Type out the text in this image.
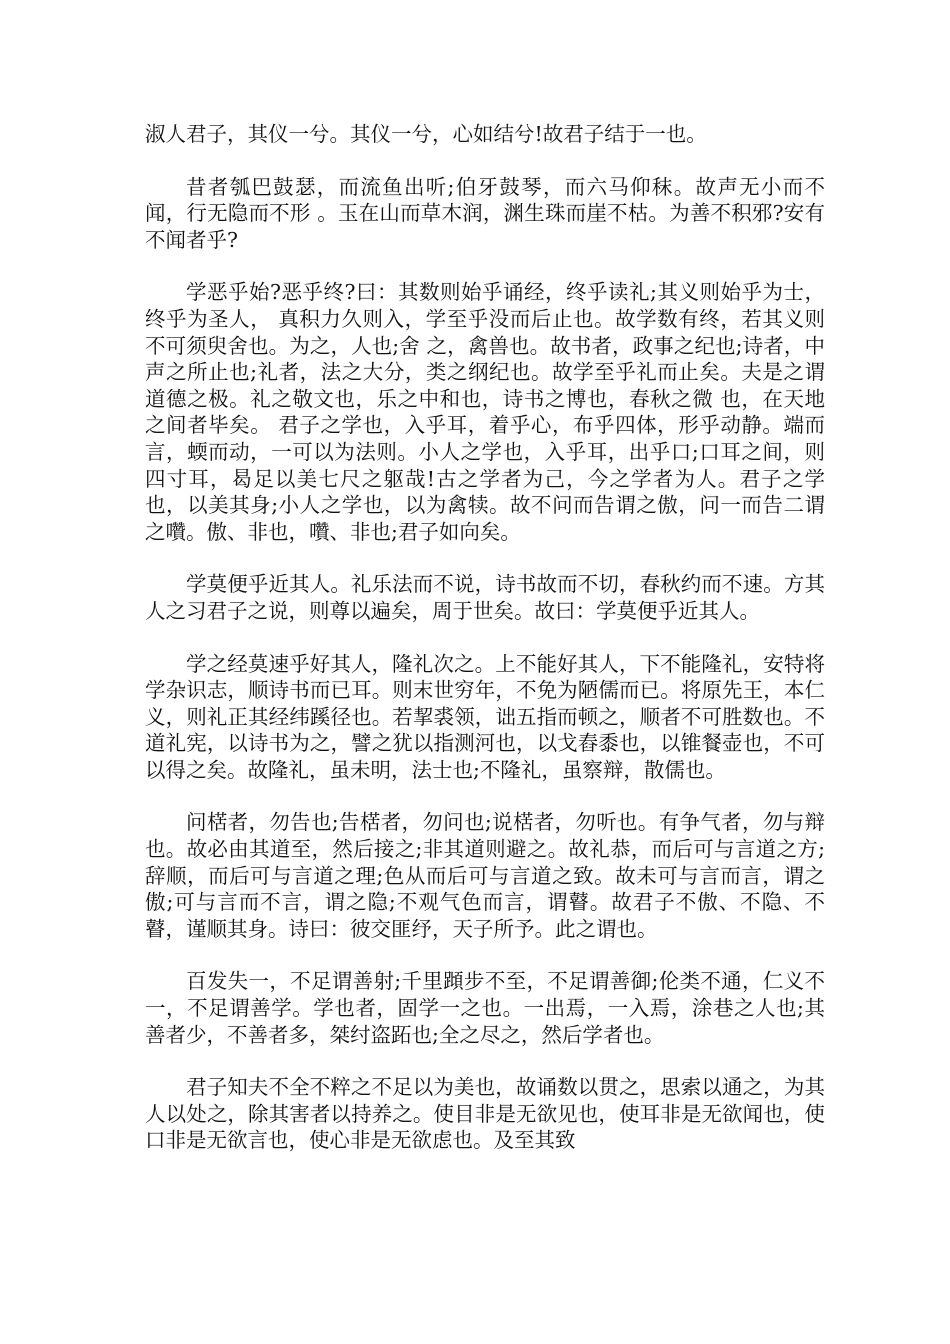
淑人君子，其仪一兮。其仪一兮，心如结兮!故君子结于一也。

昔者瓠巴鼓瑟，而流鱼出听;伯牙鼓琴，而六马仰秣。故声无小而不闻，行无隐而不形 。玉在山而草木润，渊生珠而崖不枯。为善不积邪?安有不闻者乎?

学恶乎始?恶乎终?曰：其数则始乎诵经，终乎读礼;其义则始乎为士，终乎为圣人， 真积力久则入，学至乎没而后止也。故学数有终，若其义则不可须臾舍也。为之，人也;舍 之，禽兽也。故书者，政事之纪也;诗者，中声之所止也;礼者，法之大分，类之纲纪也。故学至乎礼而止矣。夫是之谓道德之极。礼之敬文也，乐之中和也，诗书之博也，春秋之微 也，在天地之间者毕矣。 君子之学也，入乎耳，着乎心，布乎四体，形乎动静。端而言，蝡而动，一可以为法则。小人之学也，入乎耳，出乎口;口耳之间，则四寸耳，曷足以美七尺之躯哉!古之学者为己，今之学者为人。君子之学也，以美其身;小人之学也，以为禽犊。故不问而告谓之傲，问一而告二谓之囋。傲、非也，囋、非也;君子如向矣。

学莫便乎近其人。礼乐法而不说，诗书故而不切，春秋约而不速。方其人之习君子之说，则尊以遍矣，周于世矣。故曰：学莫便乎近其人。

学之经莫速乎好其人，隆礼次之。上不能好其人，下不能隆礼，安特将学杂识志，顺诗书而已耳。则末世穷年，不免为陋儒而已。将原先王，本仁义，则礼正其经纬蹊径也。若挈裘领，诎五指而顿之，顺者不可胜数也。不道礼宪，以诗书为之，譬之犹以指测河也，以戈舂黍也，以锥餐壶也，不可以得之矣。故隆礼，虽未明，法士也;不隆礼，虽察辩，散儒也。

问楛者，勿告也;告楛者，勿问也;说楛者，勿听也。有争气者，勿与辩也。故必由其道至，然后接之;非其道则避之。故礼恭，而后可与言道之方;辞顺，而后可与言道之理;色从而后可与言道之致。故未可与言而言，谓之傲;可与言而不言，谓之隐;不观气色而言，谓瞽。故君子不傲、不隐、不瞽，谨顺其身。诗曰：彼交匪纾，天子所予。此之谓也。

百发失一，不足谓善射;千里蹞步不至，不足谓善御;伦类不通，仁义不一，不足谓善学。学也者，固学一之也。一出焉，一入焉，涂巷之人也;其善者少，不善者多，桀纣盗跖也;全之尽之，然后学者也。

君子知夫不全不粹之不足以为美也，故诵数以贯之，思索以通之，为其人以处之，除其害者以持养之。使目非是无欲见也，使耳非是无欲闻也，使口非是无欲言也，使心非是无欲虑也。及至其致
